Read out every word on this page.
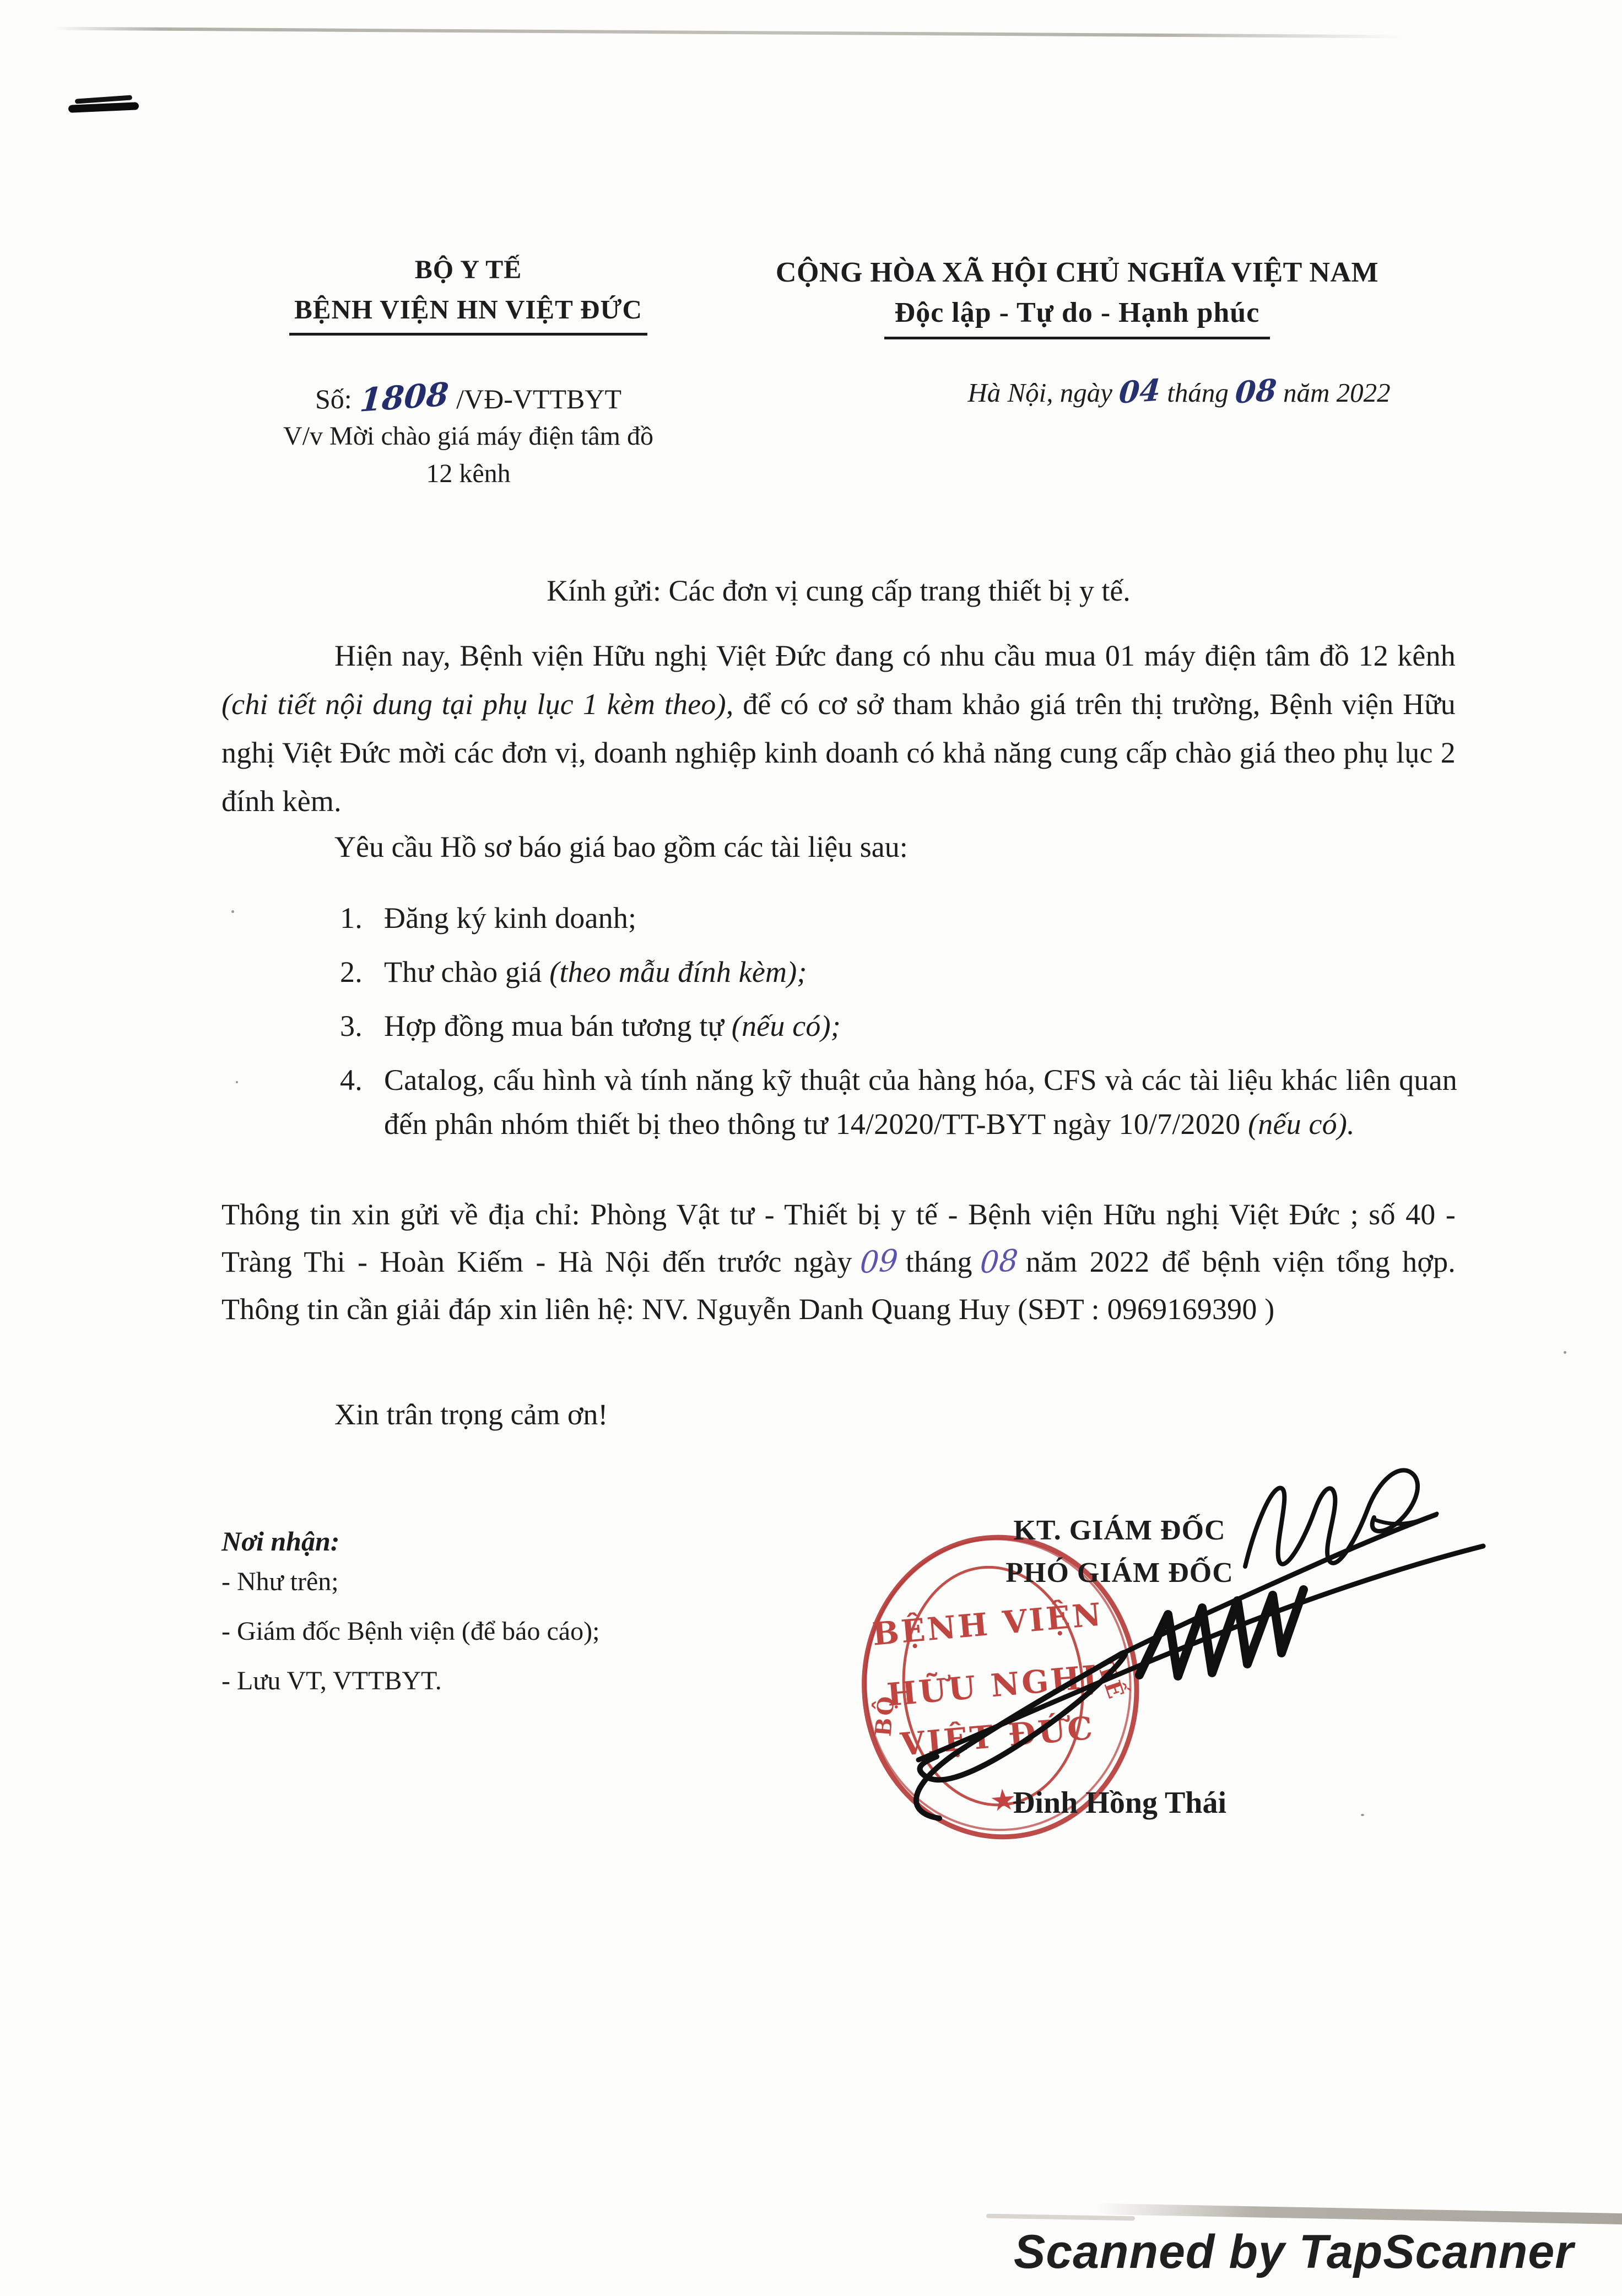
BỘ Y TẾ
BỆNH VIỆN HN VIỆT ĐỨC
Số: 1808 /VĐ-VTTBYT
V/v Mời chào giá máy điện tâm đồ
12 kênh
CỘNG HÒA XÃ HỘI CHỦ NGHĨA VIỆT NAM
Độc lập - Tự do - Hạnh phúc
Hà Nội, ngày 04 tháng 08 năm 2022
Kính gửi: Các đơn vị cung cấp trang thiết bị y tế.
Hiện nay, Bệnh viện Hữu nghị Việt Đức đang có nhu cầu mua 01 máy điện tâm đồ 12 kênh (chi tiết nội dung tại phụ lục 1 kèm theo), để có cơ sở tham khảo giá trên thị trường, Bệnh viện Hữu nghị Việt Đức mời các đơn vị, doanh nghiệp kinh doanh có khả năng cung cấp chào giá theo phụ lục 2 đính kèm.
Yêu cầu Hồ sơ báo giá bao gồm các tài liệu sau:
1. Đăng ký kinh doanh;
2. Thư chào giá (theo mẫu đính kèm);
3. Hợp đồng mua bán tương tự (nếu có);
4. Catalog, cấu hình và tính năng kỹ thuật của hàng hóa, CFS và các tài liệu khác liên quan đến phân nhóm thiết bị theo thông tư 14/2020/TT-BYT ngày 10/7/2020 (nếu có).
Thông tin xin gửi về địa chỉ: Phòng Vật tư - Thiết bị y tế - Bệnh viện Hữu nghị Việt Đức ; số 40 - Tràng Thi - Hoàn Kiếm - Hà Nội đến trước ngày 09 tháng 08 năm 2022 để bệnh viện tổng hợp. Thông tin cần giải đáp xin liên hệ: NV. Nguyễn Danh Quang Huy (SĐT : 0969169390 )
Xin trân trọng cảm ơn!
Nơi nhận:
- Như trên;
- Giám đốc Bệnh viện (để báo cáo);
- Lưu VT, VTTBYT.
BỆNH VIỆN
HỮU NGHỊ
VIỆT ĐỨC
BỘ
TẾ
★
KT. GIÁM ĐỐC
PHÓ GIÁM ĐỐC
Đinh Hồng Thái
Scanned by TapScanner
